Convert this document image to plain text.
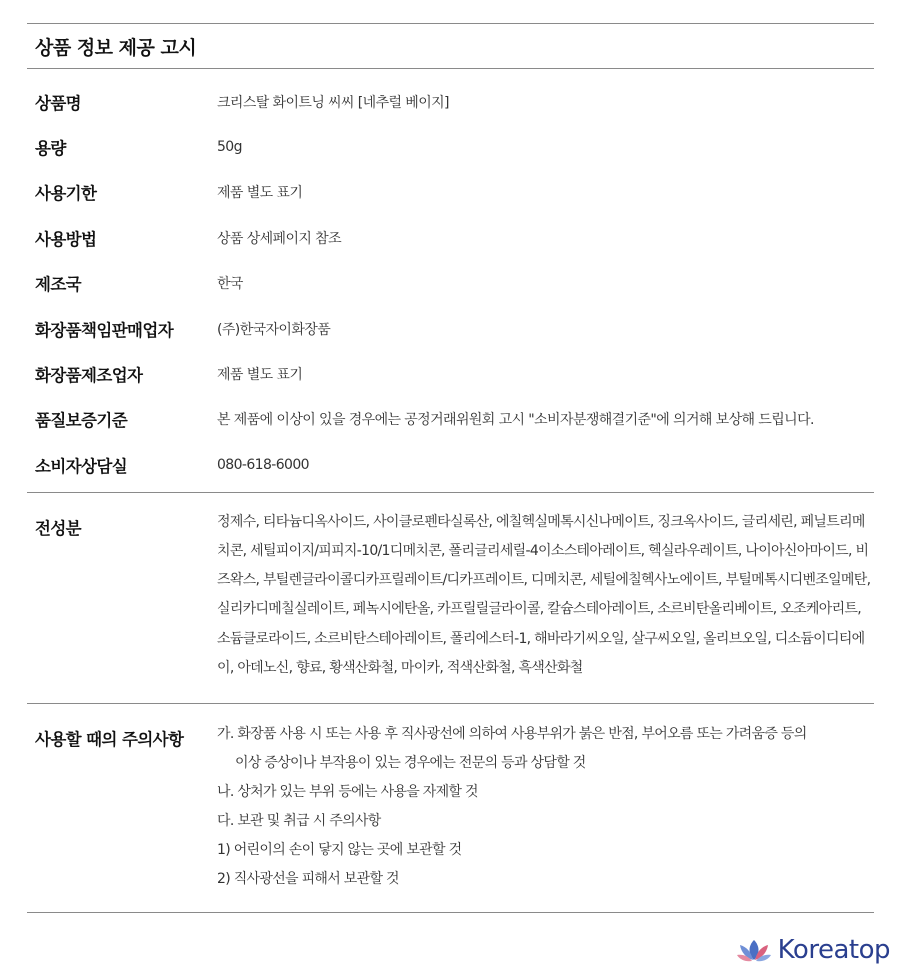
상품 정보 제공 고시
상품명	크리스탈 화이트닝 씨씨 [네추럴 베이지]
용량	50g
사용기한	제품 별도 표기
사용방법	상품 상세페이지 참조
제조국	한국
화장품책임판매업자	(주)한국자이화장품
화장품제조업자	제품 별도 표기
품질보증기준	본 제품에 이상이 있을 경우에는 공정거래위원회 고시 "소비자분쟁해결기준"에 의거해 보상해 드립니다.
소비자상담실	080-618-6000
전성분	정제수, 티타늄디옥사이드, 사이클로펜타실록산, 에칠헥실메톡시신나메이트, 징크옥사이드, 글리세린, 페닐트리메치콘, 세틸피이지/피피지-10/1디메치콘, 폴리글리세릴-4이소스테아레이트, 헥실라우레이트, 나이아신아마이드, 비즈왁스, 부틸렌글라이콜디카프릴레이트/디카프레이트, 디메치콘, 세틸에칠헥사노에이트, 부틸메톡시디벤조일메탄, 실리카디메칠실레이트, 페녹시에탄올, 카프릴릴글라이콜, 칼슘스테아레이트, 소르비탄올리베이트, 오조케아리트, 소듐클로라이드, 소르비탄스테아레이트, 폴리에스터-1, 해바라기씨오일, 살구씨오일, 올리브오일, 디소듐이디티에이, 아데노신, 향료, 황색산화철, 마이카, 적색산화철, 흑색산화철
사용할 때의 주의사항	가. 화장품 사용 시 또는 사용 후 직사광선에 의하여 사용부위가 붉은 반점, 부어오름 또는 가려움증 등의
이상 증상이나 부작용이 있는 경우에는 전문의 등과 상담할 것
나. 상처가 있는 부위 등에는 사용을 자제할 것
다. 보관 및 취급 시 주의사항
1) 어린이의 손이 닿지 않는 곳에 보관할 것
2) 직사광선을 피해서 보관할 것
Koreatop
